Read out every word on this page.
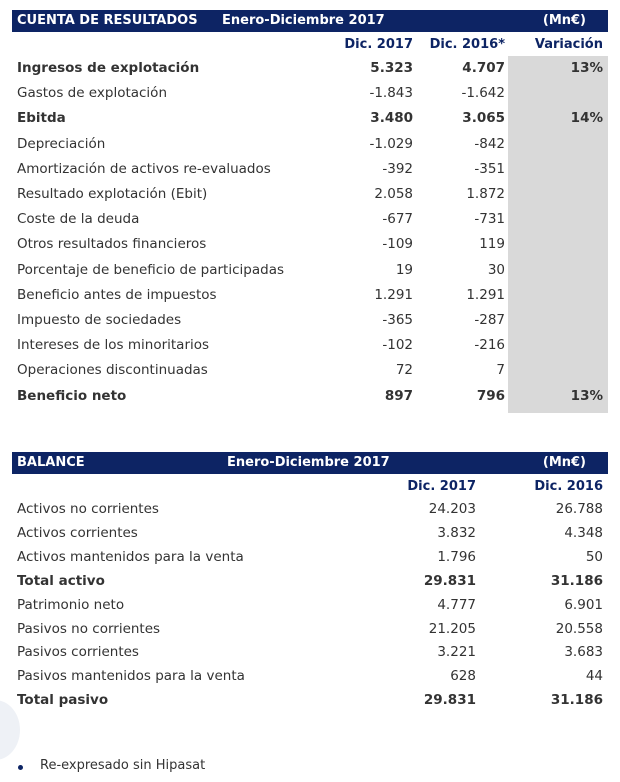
CUENTA DE RESULTADOS Enero-Diciembre 2017	(Mn€)
Dic. 2017 Dic. 2016* Variación
Ingresos de explotación	5.323	4.707	13%
Gastos de explotación	-1.843	-1.642
Ebitda	3.480	3.065	14%
Depreciación	-1.029	-842
Amortización de activos re-evaluados	-392	-351
Resultado explotación (Ebit)	2.058	1.872
Coste de la deuda	-677	-731
Otros resultados financieros	-109	119
Porcentaje de beneficio de participadas	19	30
Beneficio antes de impuestos	1.291	1.291
Impuesto de sociedades	-365	-287
Intereses de los minoritarios	-102	-216
Operaciones discontinuadas	72	7
Beneficio neto	897	796	13%
BALANCE	Enero-Diciembre 2017	(Mn€)
Dic. 2017	Dic. 2016
Activos no corrientes	24.203	26.788
Activos corrientes	3.832	4.348
Activos mantenidos para la venta	1.796	50
Total activo	29.831	31.186
Patrimonio neto	4.777	6.901
Pasivos no corrientes	21.205	20.558
Pasivos corrientes	3.221	3.683
Pasivos mantenidos para la venta	628	44
Total pasivo	29.831	31.186
Re-expresado sin Hipasat
